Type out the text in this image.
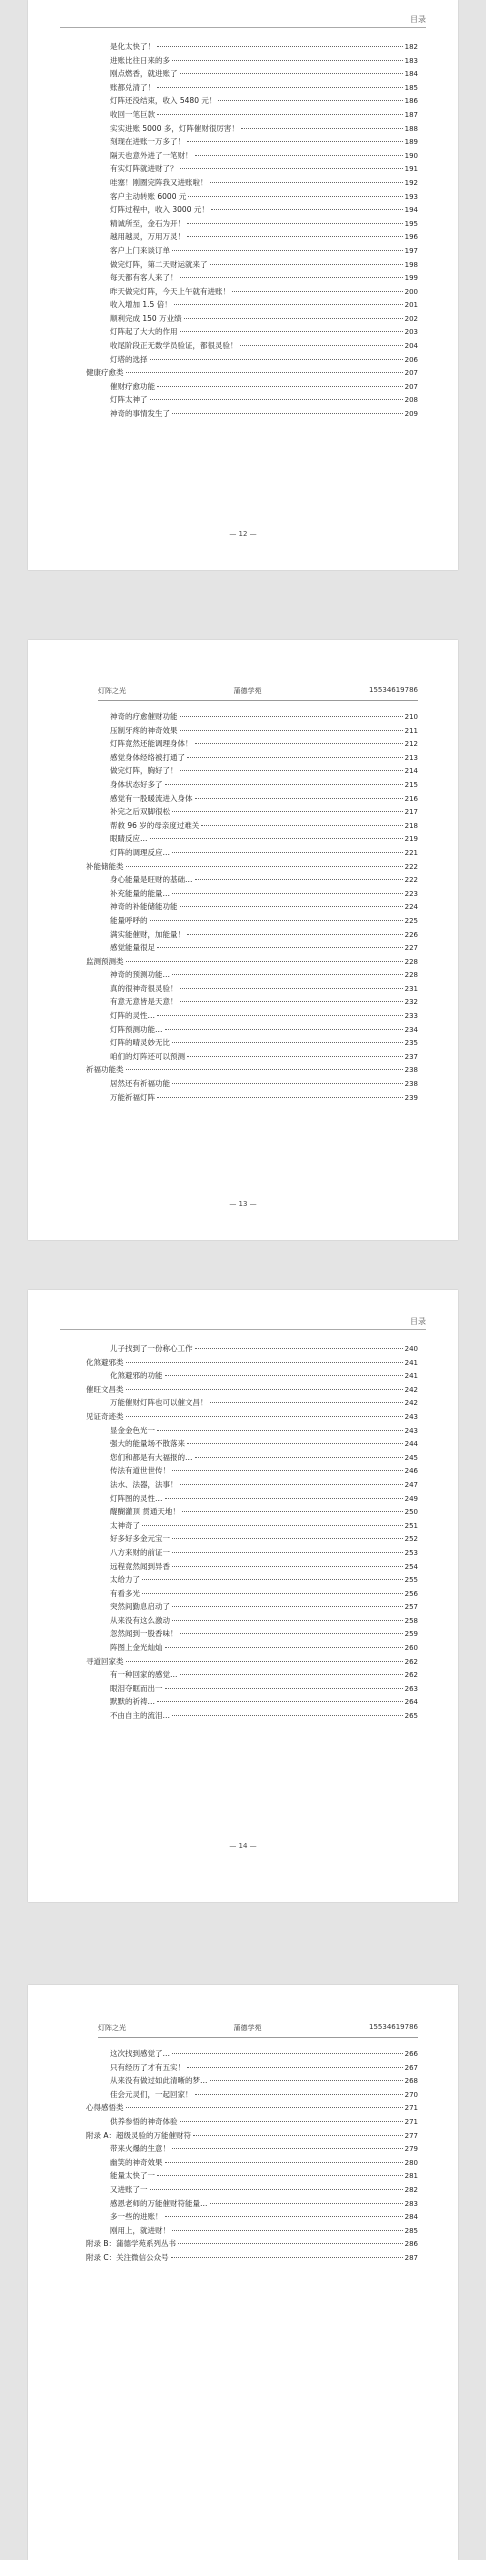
目录
是化太快了！	182
进账比往日来的多	183
刚点燃香，就进账了	184
账都兑清了！	185
灯阵还没结束，收入 5480 元！	186
收回一笔巨款	187
实实进账 5000 多，灯阵催财很厉害！	188
刻现在进账一万多了！	189
隔天也意外进了一笔财！	190
有实灯阵就进财了？	191
哇塞！刚圈完阵我又进账啦！	192
客户主动转账 6000 元	193
灯阵过程中，收入 3000 元！	194
精诚所至，金石为开！	195
越用越灵，万用万灵！	196
客户上门来谈订单	197
做完灯阵，第二天财运就来了	198
每天都有客人来了！	199
昨天做完灯阵，今天上午就有进账！	200
收入增加 1.5 倍！	201
顺利完成 150 万业绩	202
灯阵起了大大的作用	203
收尾阶段正无数学员验证，都很灵验！	204
灯塔的选择	206
健康疗愈类	207
催财疗愈功能	207
灯阵太神了	208
神奇的事情发生了	209
— 12 —
灯阵之光	蒲德学苑	15534619786
神奇的疗愈催财功能	210
压制牙疼的神奇效果	211
灯阵竟然还能调理身体！	212
感觉身体经络被打通了	213
做完灯阵，胸好了！	214
身体状态好多了	215
感觉有一股暖流进入身体	216
补完之后双脚很松	217
帮救 96 岁的母亲度过难关	218
眼睛反应…	219
灯阵的调理反应…	221
补能储能类	222
身心能量是旺财的基础…	222
补充能量的能量…	223
神奇的补能储能功能	224
能量呼呼的	225
满实能催财，加能量！	226
感觉能量很足	227
监测预测类	228
神奇的预测功能…	228
真的很神奇很灵验！	231
有意无意皆是天意！	232
灯阵的灵性…	233
灯阵预测功能…	234
灯阵的晴灵妙无比	235
咱们的灯阵还可以预测	237
祈福功能类	238
居然还有祈福功能	238
万能祈福灯阵	239
— 13 —
目录
儿子找到了一份称心工作	240
化煞避邪类	241
化煞避邪的功能	241
催旺文昌类	242
万能催财灯阵也可以催文昌！	242
见证奇迹类	243
显金金色光一	243
强大的能量场不散落来	244
您们和都是有大福报的…	245
传法有道世世传！	246
法水、法器，法事！	247
灯阵图的灵性…	249
醍醐灌顶 贯通天地！	250
太神奇了	251
好多好多金元宝一	252
八方来财的前证一	253
远程竟然闻到异香	254
太给力了	255
有看多光	256
突然间勤息启动了	257
从来没有这么激动	258
忽然闻到一股香味！	259
阵图上金光灿灿	260
寻道回家类	262
有一种回家的感觉…	262
眼泪夺眶而出一	263
默默的祈祷…	264
不由自主的流泪…	265
— 14 —
灯阵之光	蒲德学苑	15534619786
这次找到感觉了…	266
只有经历了才有五实！	267
从来没有做过如此清晰的梦…	268
佳会元灵们，一起回家！	270
心得感悟类	271
供养参悟的神奇体验	271
附录 A：超级灵验的万能催财符	277
带来火爆的生意！	279
幽笑的神奇效果	280
能量太快了一	281
又进账了一	282
感恩老师的万能催财符能量…	283
多一些的进账！	284
刚用上，就进财！	285
附录 B：蒲德学苑系列丛书	286
附录 C：关注微信公众号	287
